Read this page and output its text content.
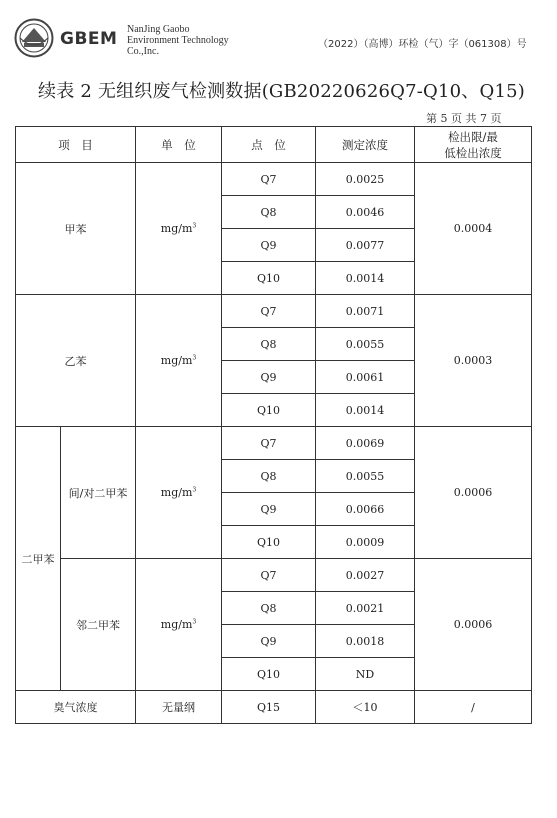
GBEM NanJing Gaobo
Environment Technology
Co.,Inc.
（2022）（高博）环检（气）字（061308）号
续表 2 无组织废气检测数据(GB20220626Q7-Q10、Q15)
第 5 页 共 7 页
项　目		单　位	点　位	测定浓度	检出限/最
低检出浓度
甲苯		$mg/m^3$	Q7	0.0025	0.0004
			Q8	0.0046	
			Q9	0.0077	
			Q10	0.0014	
乙苯		$mg/m^3$	Q7	0.0071	0.0003
			Q8	0.0055	
			Q9	0.0061	
			Q10	0.0014	
二甲苯	间/对二甲苯	$mg/m^3$	Q7	0.0069	0.0006
			Q8	0.0055	
			Q9	0.0066	
			Q10	0.0009	
	邻二甲苯	$mg/m^3$	Q7	0.0027	0.0006
			Q8	0.0021	
			Q9	0.0018	
			Q10	ND	
臭气浓度		无量纲	Q15	＜10	/
